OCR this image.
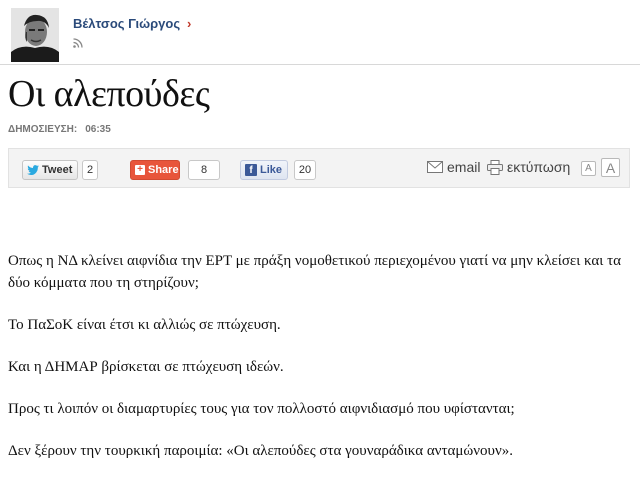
Βέλτσος Γιώργος ›
Οι αλεπούδες
ΔΗΜΟΣΙΕΥΣΗ: 06:35
Tweet	2	+ Share	8	f Like	20	email εκτύπωση	A	A

Οπως η ΝΔ κλείνει αιφνίδια την ΕΡΤ με πράξη νομοθετικού περιεχομένου γιατί να μην κλείσει και τα δύο κόμματα που τη στηρίζουν;

Το ΠαΣοΚ είναι έτσι κι αλλιώς σε πτώχευση.

Και η ΔΗΜΑΡ βρίσκεται σε πτώχευση ιδεών.

Προς τι λοιπόν οι διαμαρτυρίες τους για τον πολλοστό αιφνιδιασμό που υφίστανται;

Δεν ξέρουν την τουρκική παροιμία: «Οι αλεπούδες στα γουναράδικα ανταμώνουν».
